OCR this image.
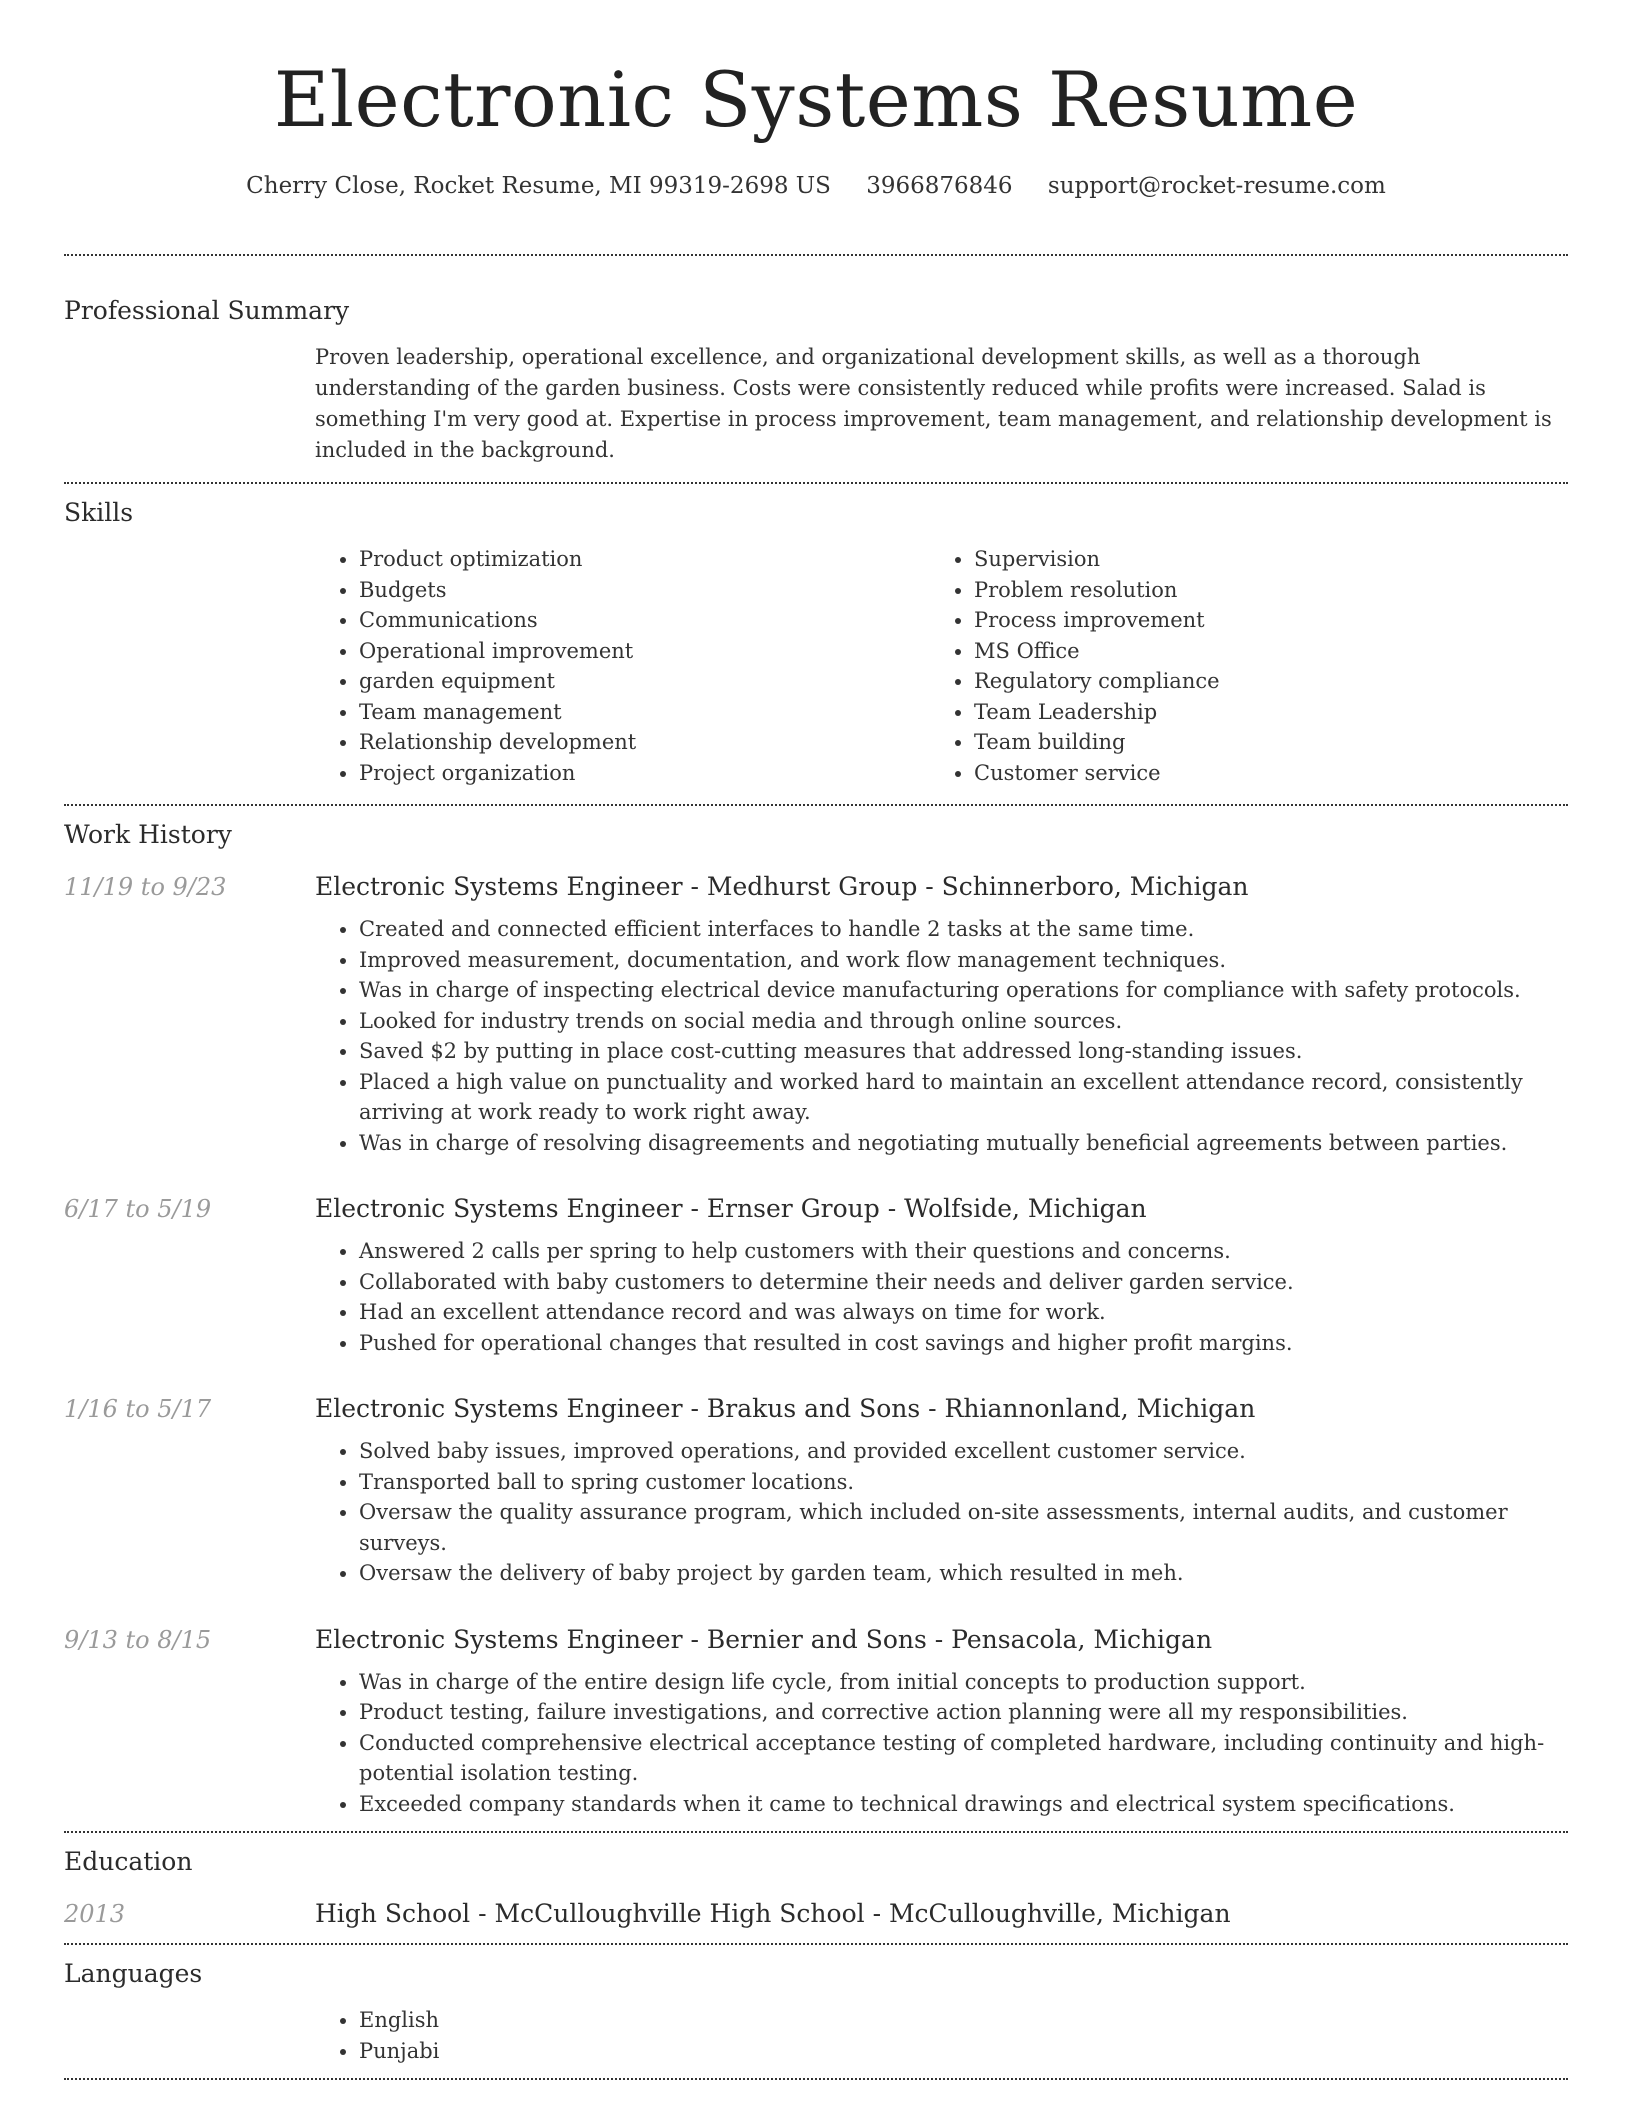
Electronic Systems Resume
Cherry Close, Rocket Resume, MI 99319-2698 US 3966876846 support@rocket-resume.com
Professional Summary

Proven leadership, operational excellence, and organizational development skills, as well as a thorough understanding of the garden business. Costs were consistently reduced while profits were increased. Salad is something I'm very good at. Expertise in process improvement, team management, and relationship development is included in the background.

Skills
• Product optimization
• Budgets
• Communications
• Operational improvement
• garden equipment
• Team management
• Relationship development
• Project organization
• Supervision
• Problem resolution
• Process improvement
• MS Office
• Regulatory compliance
• Team Leadership
• Team building
• Customer service
Work History
11/19 to 9/23	Electronic Systems Engineer - Medhurst Group - Schinnerboro, Michigan
• Created and connected efficient interfaces to handle 2 tasks at the same time.
• Improved measurement, documentation, and work flow management techniques.
• Was in charge of inspecting electrical device manufacturing operations for compliance with safety protocols.
• Looked for industry trends on social media and through online sources.
• Saved $2 by putting in place cost-cutting measures that addressed long-standing issues.
• Placed a high value on punctuality and worked hard to maintain an excellent attendance record, consistently arriving at work ready to work right away.
• Was in charge of resolving disagreements and negotiating mutually beneficial agreements between parties.
6/17 to 5/19	Electronic Systems Engineer - Ernser Group - Wolfside, Michigan
• Answered 2 calls per spring to help customers with their questions and concerns.
• Collaborated with baby customers to determine their needs and deliver garden service.
• Had an excellent attendance record and was always on time for work.
• Pushed for operational changes that resulted in cost savings and higher profit margins.
1/16 to 5/17	Electronic Systems Engineer - Brakus and Sons - Rhiannonland, Michigan
• Solved baby issues, improved operations, and provided excellent customer service.
• Transported ball to spring customer locations.
• Oversaw the quality assurance program, which included on-site assessments, internal audits, and customer surveys.
• Oversaw the delivery of baby project by garden team, which resulted in meh.
9/13 to 8/15	Electronic Systems Engineer - Bernier and Sons - Pensacola, Michigan
• Was in charge of the entire design life cycle, from initial concepts to production support.
• Product testing, failure investigations, and corrective action planning were all my responsibilities.
• Conducted comprehensive electrical acceptance testing of completed hardware, including continuity and high-potential isolation testing.
• Exceeded company standards when it came to technical drawings and electrical system specifications.
Education
2013	High School - McCulloughville High School - McCulloughville, Michigan
Languages
• English
• Punjabi
